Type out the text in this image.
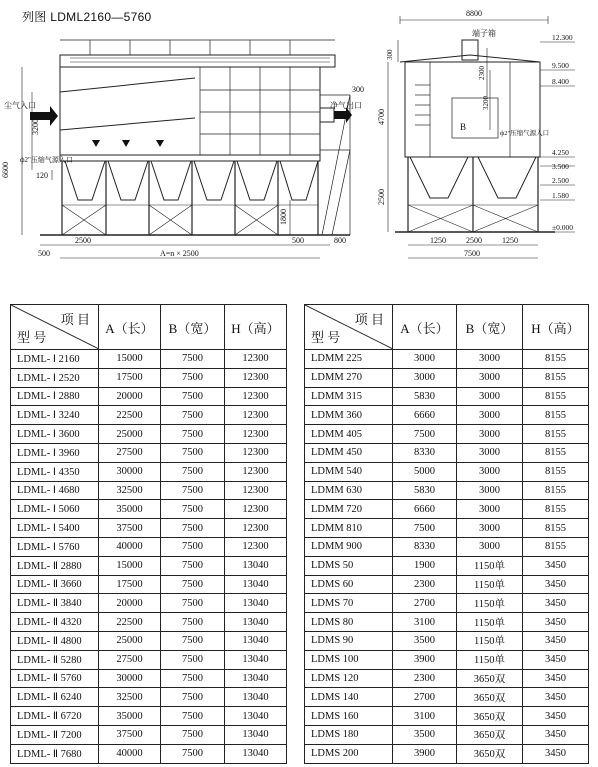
列图 LDML2160—5760
尘气入口	净气出口
ф2"压缩气源入口
6600
3200
120
1800
2500	500	800
500	A=n × 2500
300
8800
端子箱
ф2"压缩气源入口
B
300
4700
2300
3200
2500
1250	2500	1250
7500
12.300
9.500
8.400
4.250
3.500
2.500
1.580
±0.000
项 目
型 号	A（长）	B（宽）	H（高）
LDML- Ⅰ 2160	15000	7500	12300
LDML- Ⅰ 2520	17500	7500	12300
LDML- Ⅰ 2880	20000	7500	12300
LDML- Ⅰ 3240	22500	7500	12300
LDML- Ⅰ 3600	25000	7500	12300
LDML- Ⅰ 3960	27500	7500	12300
LDML- Ⅰ 4350	30000	7500	12300
LDML- Ⅰ 4680	32500	7500	12300
LDML- Ⅰ 5060	35000	7500	12300
LDML- Ⅰ 5400	37500	7500	12300
LDML- Ⅰ 5760	40000	7500	12300
LDML- Ⅱ 2880	15000	7500	13040
LDML- Ⅱ 3660	17500	7500	13040
LDML- Ⅱ 3840	20000	7500	13040
LDML- Ⅱ 4320	22500	7500	13040
LDML- Ⅱ 4800	25000	7500	13040
LDML- Ⅱ 5280	27500	7500	13040
LDML- Ⅱ 5760	30000	7500	13040
LDML- Ⅱ 6240	32500	7500	13040
LDML- Ⅱ 6720	35000	7500	13040
LDML- Ⅱ 7200	37500	7500	13040
LDML- Ⅱ 7680	40000	7500	13040
项 目
型 号	A（长）	B（宽）	H（高）
LDMM 225	3000	3000	8155
LDMM 270	3000	3000	8155
LDMM 315	5830	3000	8155
LDMM 360	6660	3000	8155
LDMM 405	7500	3000	8155
LDMM 450	8330	3000	8155
LDMM 540	5000	3000	8155
LDMM 630	5830	3000	8155
LDMM 720	6660	3000	8155
LDMM 810	7500	3000	8155
LDMM 900	8330	3000	8155
LDMS 50	1900	1150单	3450
LDMS 60	2300	1150单	3450
LDMS 70	2700	1150单	3450
LDMS 80	3100	1150单	3450
LDMS 90	3500	1150单	3450
LDMS 100	3900	1150单	3450
LDMS 120	2300	3650双	3450
LDMS 140	2700	3650双	3450
LDMS 160	3100	3650双	3450
LDMS 180	3500	3650双	3450
LDMS 200	3900	3650双	3450
